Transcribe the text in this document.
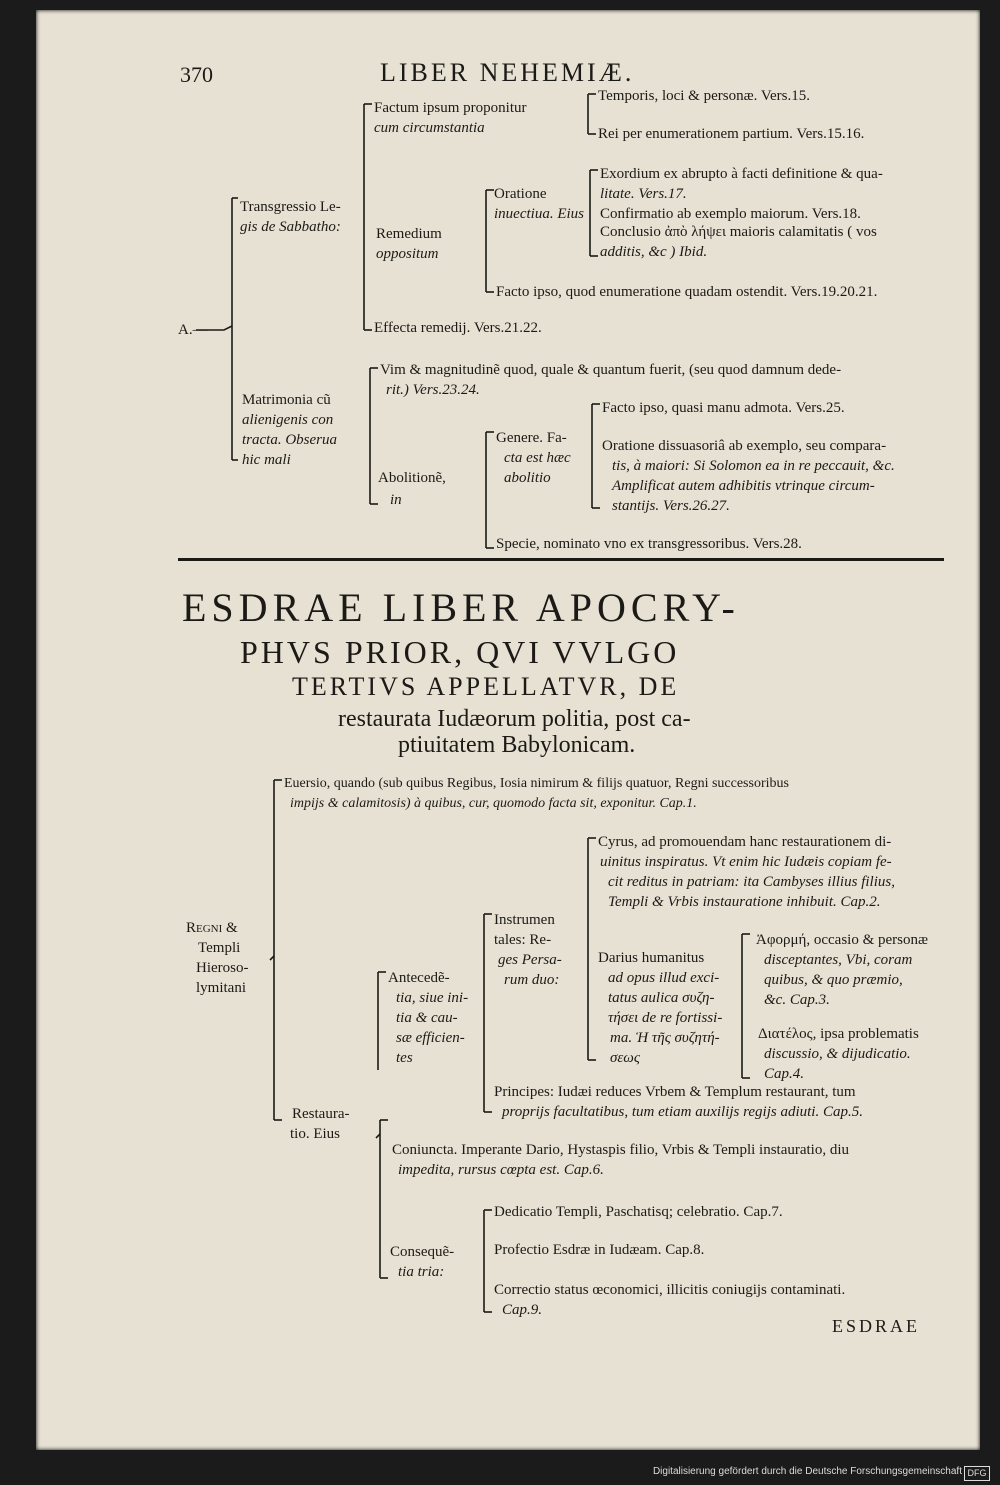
370	LIBER NEHEMIÆ.
A.—
Transgressio Le-
gis de Sabbatho:
Factum ipsum proponitur
cum circumstantia
Temporis, loci & personæ. Vers.15.
Rei per enumerationem partium. Vers.15.16.
Remedium
oppositum
Oratione
inuectiua. Eius
Exordium ex abrupto à facti definitione & qua-
litate. Vers.17.
Confirmatio ab exemplo maiorum. Vers.18.
Conclusio ἀπὸ λήψει maioris calamitatis ( vos
additis, &c ) Ibid.
Facto ipso, quod enumeratione quadam ostendit. Vers.19.20.21.
Effecta remedij. Vers.21.22.
Matrimonia cũ
alienigenis con
tracta. Obserua
hic mali
Vim & magnitudinẽ quod, quale & quantum fuerit, (seu quod damnum dede-
rit.) Vers.23.24.
Abolitionẽ,
in
Genere. Fa-
cta est hæc
abolitio
Facto ipso, quasi manu admota. Vers.25.
Oratione dissuasoriâ ab exemplo, seu compara-
tis, à maiori: Si Solomon ea in re peccauit, &c.
Amplificat autem adhibitis vtrinque circum-
stantijs. Vers.26.27.
Specie, nominato vno ex transgressoribus. Vers.28.
ESDRAE LIBER APOCRY-
PHVS PRIOR, QVI VVLGO
TERTIVS APPELLATVR, DE
restaurata Iudæorum politia, post ca-
ptiuitatem Babylonicam.
Regni &
Templi
Hieroso-
lymitani
Euersio, quando (sub quibus Regibus, Iosia nimirum & filijs quatuor, Regni successoribus
impijs & calamitosis) à quibus, cur, quomodo facta sit, exponitur. Cap.1.
Restaura-
tio. Eius
Antecedẽ-
tia, siue ini-
tia & cau-
sæ efficien-
tes
Instrumen
tales: Re-
ges Persa-
rum duo:
Cyrus, ad promouendam hanc restaurationem di-
uinitus inspiratus. Vt enim hic Iudæis copiam fe-
cit reditus in patriam: ita Cambyses illius filius,
Templi & Vrbis instauratione inhibuit. Cap.2.
Darius humanitus
ad opus illud exci-
tatus aulica συζη-
τήσει de re fortissi-
ma. Ἡ τῆς συζητή-
σεως
Ἀφορμή, occasio & personæ
disceptantes, Vbi, coram
quibus, & quo præmio,
&c. Cap.3.
Διατέλος, ipsa problematis
discussio, & dijudicatio.
Cap.4.
Principes: Iudæi reduces Vrbem & Templum restaurant, tum
proprijs facultatibus, tum etiam auxilijs regijs adiuti. Cap.5.
Coniuncta. Imperante Dario, Hystaspis filio, Vrbis & Templi instauratio, diu
impedita, rursus cœpta est. Cap.6.
Consequẽ-
tia tria:
Dedicatio Templi, Paschatisq; celebratio. Cap.7.
Profectio Esdræ in Iudæam. Cap.8.
Correctio status œconomici, illicitis coniugijs contaminati.
Cap.9.
ESDRAE
Digitalisierung gefördert durch die Deutsche Forschungsgemeinschaft DFG
